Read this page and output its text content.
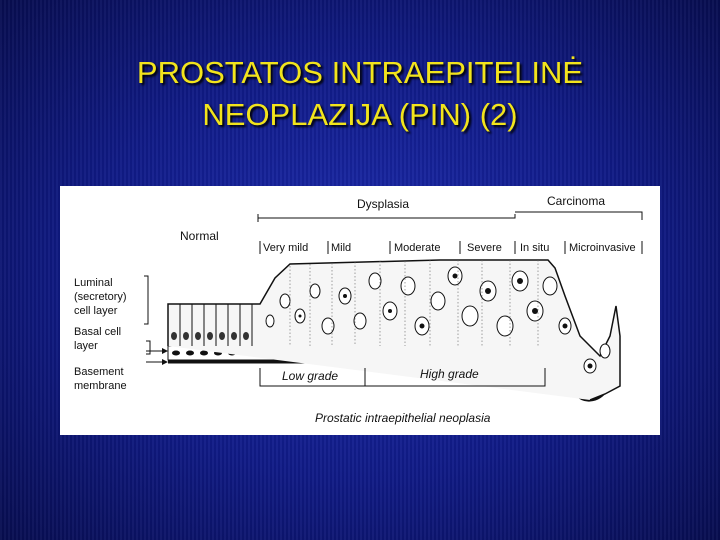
PROSTATOS INTRAEPITELINĖ
NEOPLAZIJA (PIN) (2)
Normal
Dysplasia	Carcinoma
Very mild Mild	Moderate Severe In situ Microinvasive
Luminal
(secretory)
cell layer
Basal cell
layer
Basement
membrane
Low grade	High grade
Prostatic intraepithelial neoplasia
